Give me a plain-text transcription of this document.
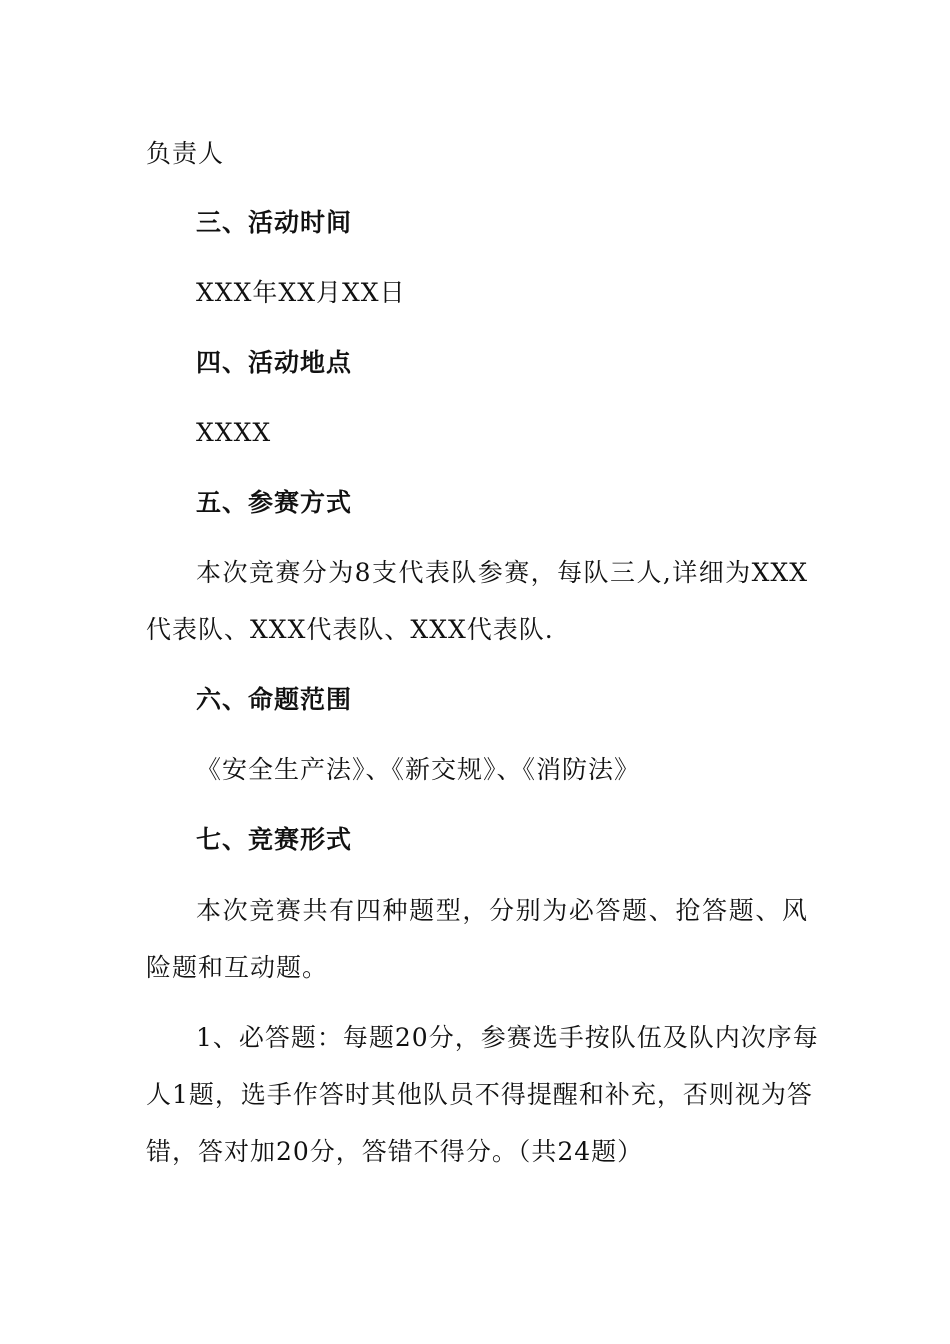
负责人
三、活动时间
XXX年XX月XX日
四、活动地点
XXXX
五、参赛方式
本次竞赛分为8支代表队参赛，每队三人,详细为XXX
代表队、XXX代表队、XXX代表队.
六、命题范围
《安全生产法》、《新交规》、《消防法》
七、竞赛形式
本次竞赛共有四种题型，分别为必答题、抢答题、风
险题和互动题。
1、必答题：每题20分，参赛选手按队伍及队内次序每
人1题，选手作答时其他队员不得提醒和补充，否则视为答
错，答对加20分，答错不得分。（共24题）
